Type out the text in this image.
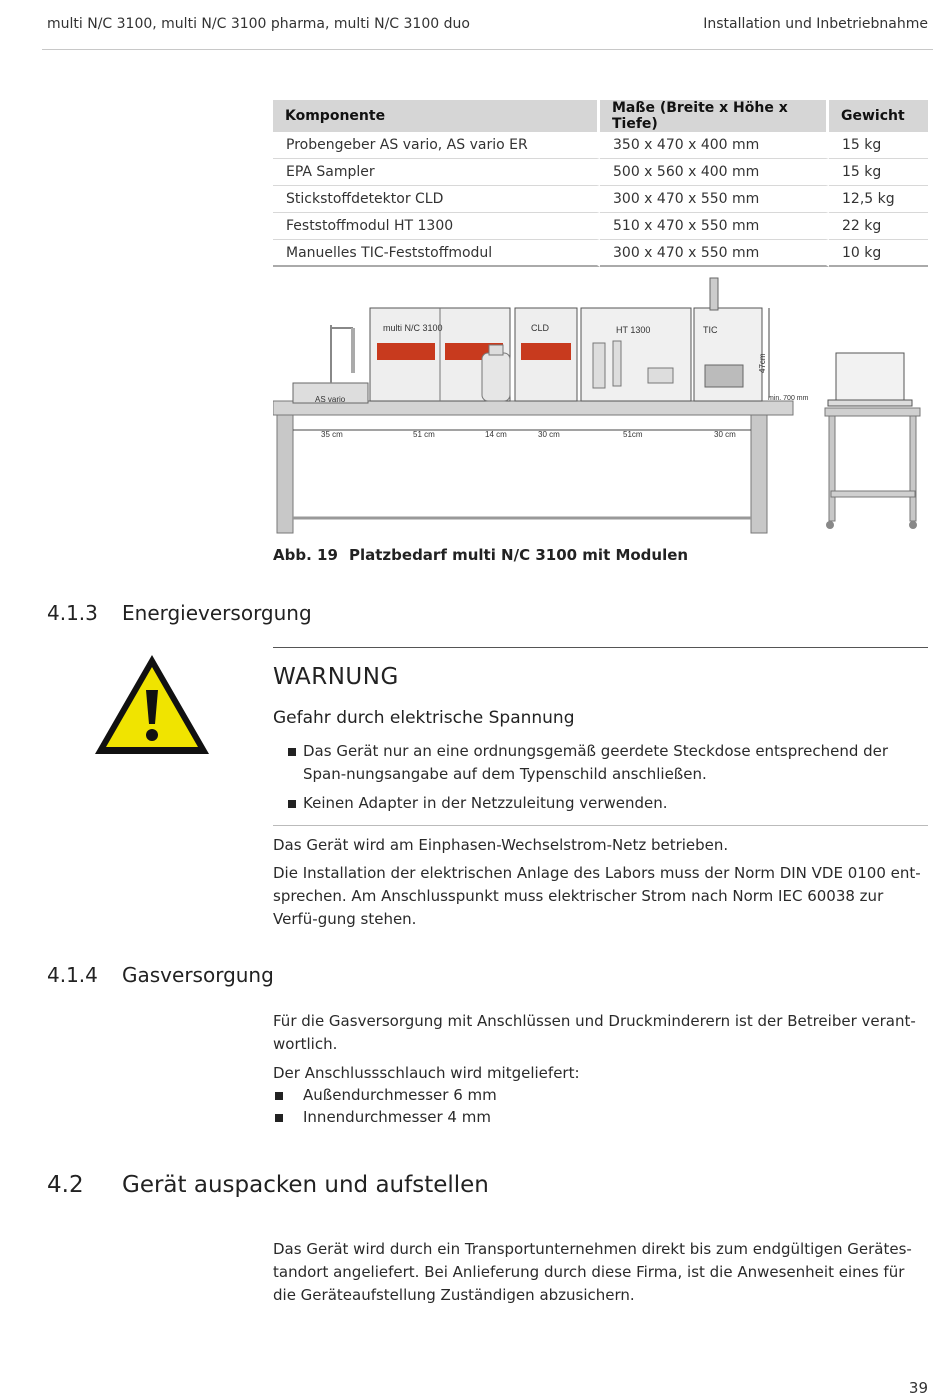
multi N/C 3100, multi N/C 3100 pharma, multi N/C 3100 duo	Installation und Inbetriebnahme
Komponente	Maße (Breite x Höhe x Tiefe)	Gewicht
Probengeber AS vario, AS vario ER	350 x 470 x 400 mm	15 kg
EPA Sampler	500 x 560 x 400 mm	15 kg
Stickstoffdetektor CLD	300 x 470 x 550 mm	12,5 kg
Feststoffmodul HT 1300	510 x 470 x 550 mm	22 kg
Manuelles TIC-Feststoffmodul	300 x 470 x 550 mm	10 kg
35 cm	51 cm	14 cm	30 cm	51cm	30 cm
AS vario
multi N/C 3100	CLD	HT 1300	TIC
47cm
min. 700 mm
Abb. 19 Platzbedarf multi N/C 3100 mit Modulen
4.1.3 Energieversorgung
WARNUNG
Gefahr durch elektrische Spannung
Das Gerät nur an eine ordnungsgemäß geerdete Steckdose entsprechend der Span-nungsangabe auf dem Typenschild anschließen.
Keinen Adapter in der Netzzuleitung verwenden.
Das Gerät wird am Einphasen-Wechselstrom-Netz betrieben.
Die Installation der elektrischen Anlage des Labors muss der Norm DIN VDE 0100 ent-sprechen. Am Anschlusspunkt muss elektrischer Strom nach Norm IEC 60038 zur Verfü-gung stehen.
4.1.4 Gasversorgung
Für die Gasversorgung mit Anschlüssen und Druckminderern ist der Betreiber verant-wortlich.
Der Anschlussschlauch wird mitgeliefert:
Außendurchmesser 6 mm
Innendurchmesser 4 mm
4.2 Gerät auspacken und aufstellen
Das Gerät wird durch ein Transportunternehmen direkt bis zum endgültigen Gerätes-tandort angeliefert. Bei Anlieferung durch diese Firma, ist die Anwesenheit eines für die Geräteaufstellung Zuständigen abzusichern.
39
